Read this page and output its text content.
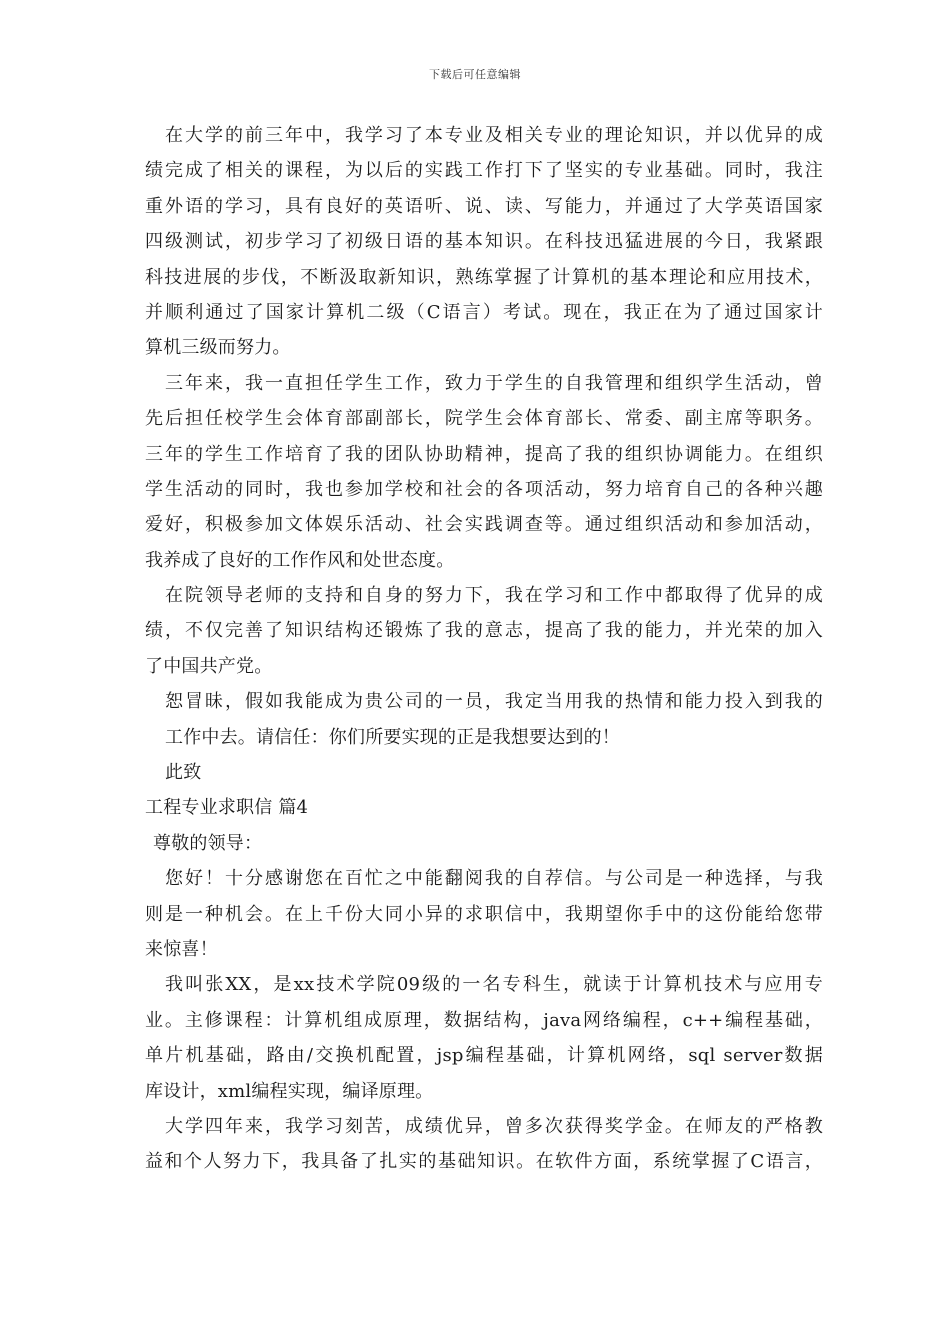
下载后可任意编辑
在大学的前三年中，我学习了本专业及相关专业的理论知识，并以优异的成
绩完成了相关的课程，为以后的实践工作打下了坚实的专业基础。同时，我注
重外语的学习，具有良好的英语听、说、读、写能力，并通过了大学英语国家
四级测试，初步学习了初级日语的基本知识。在科技迅猛进展的今日，我紧跟
科技进展的步伐，不断汲取新知识，熟练掌握了计算机的基本理论和应用技术，
并顺利通过了国家计算机二级（C语言）考试。现在，我正在为了通过国家计
算机三级而努力。
三年来，我一直担任学生工作，致力于学生的自我管理和组织学生活动，曾
先后担任校学生会体育部副部长，院学生会体育部长、常委、副主席等职务。
三年的学生工作培育了我的团队协助精神，提高了我的组织协调能力。在组织
学生活动的同时，我也参加学校和社会的各项活动，努力培育自己的各种兴趣
爱好，积极参加文体娱乐活动、社会实践调查等。通过组织活动和参加活动，
我养成了良好的工作作风和处世态度。
在院领导老师的支持和自身的努力下，我在学习和工作中都取得了优异的成
绩，不仅完善了知识结构还锻炼了我的意志，提高了我的能力，并光荣的加入
了中国共产党。
恕冒昧，假如我能成为贵公司的一员，我定当用我的热情和能力投入到我的
工作中去。请信任：你们所要实现的正是我想要达到的！
此致
工程专业求职信 篇4
尊敬的领导：
您好！十分感谢您在百忙之中能翻阅我的自荐信。与公司是一种选择，与我
则是一种机会。在上千份大同小异的求职信中，我期望你手中的这份能给您带
来惊喜！
我叫张XX，是xx技术学院09级的一名专科生，就读于计算机技术与应用专
业。主修课程：计算机组成原理，数据结构，java网络编程，c++编程基础，
单片机基础，路由/交换机配置，jsp编程基础，计算机网络，sql server数据
库设计，xml编程实现，编译原理。
大学四年来，我学习刻苦，成绩优异，曾多次获得奖学金。在师友的严格教
益和个人努力下，我具备了扎实的基础知识。在软件方面，系统掌握了C语言，
